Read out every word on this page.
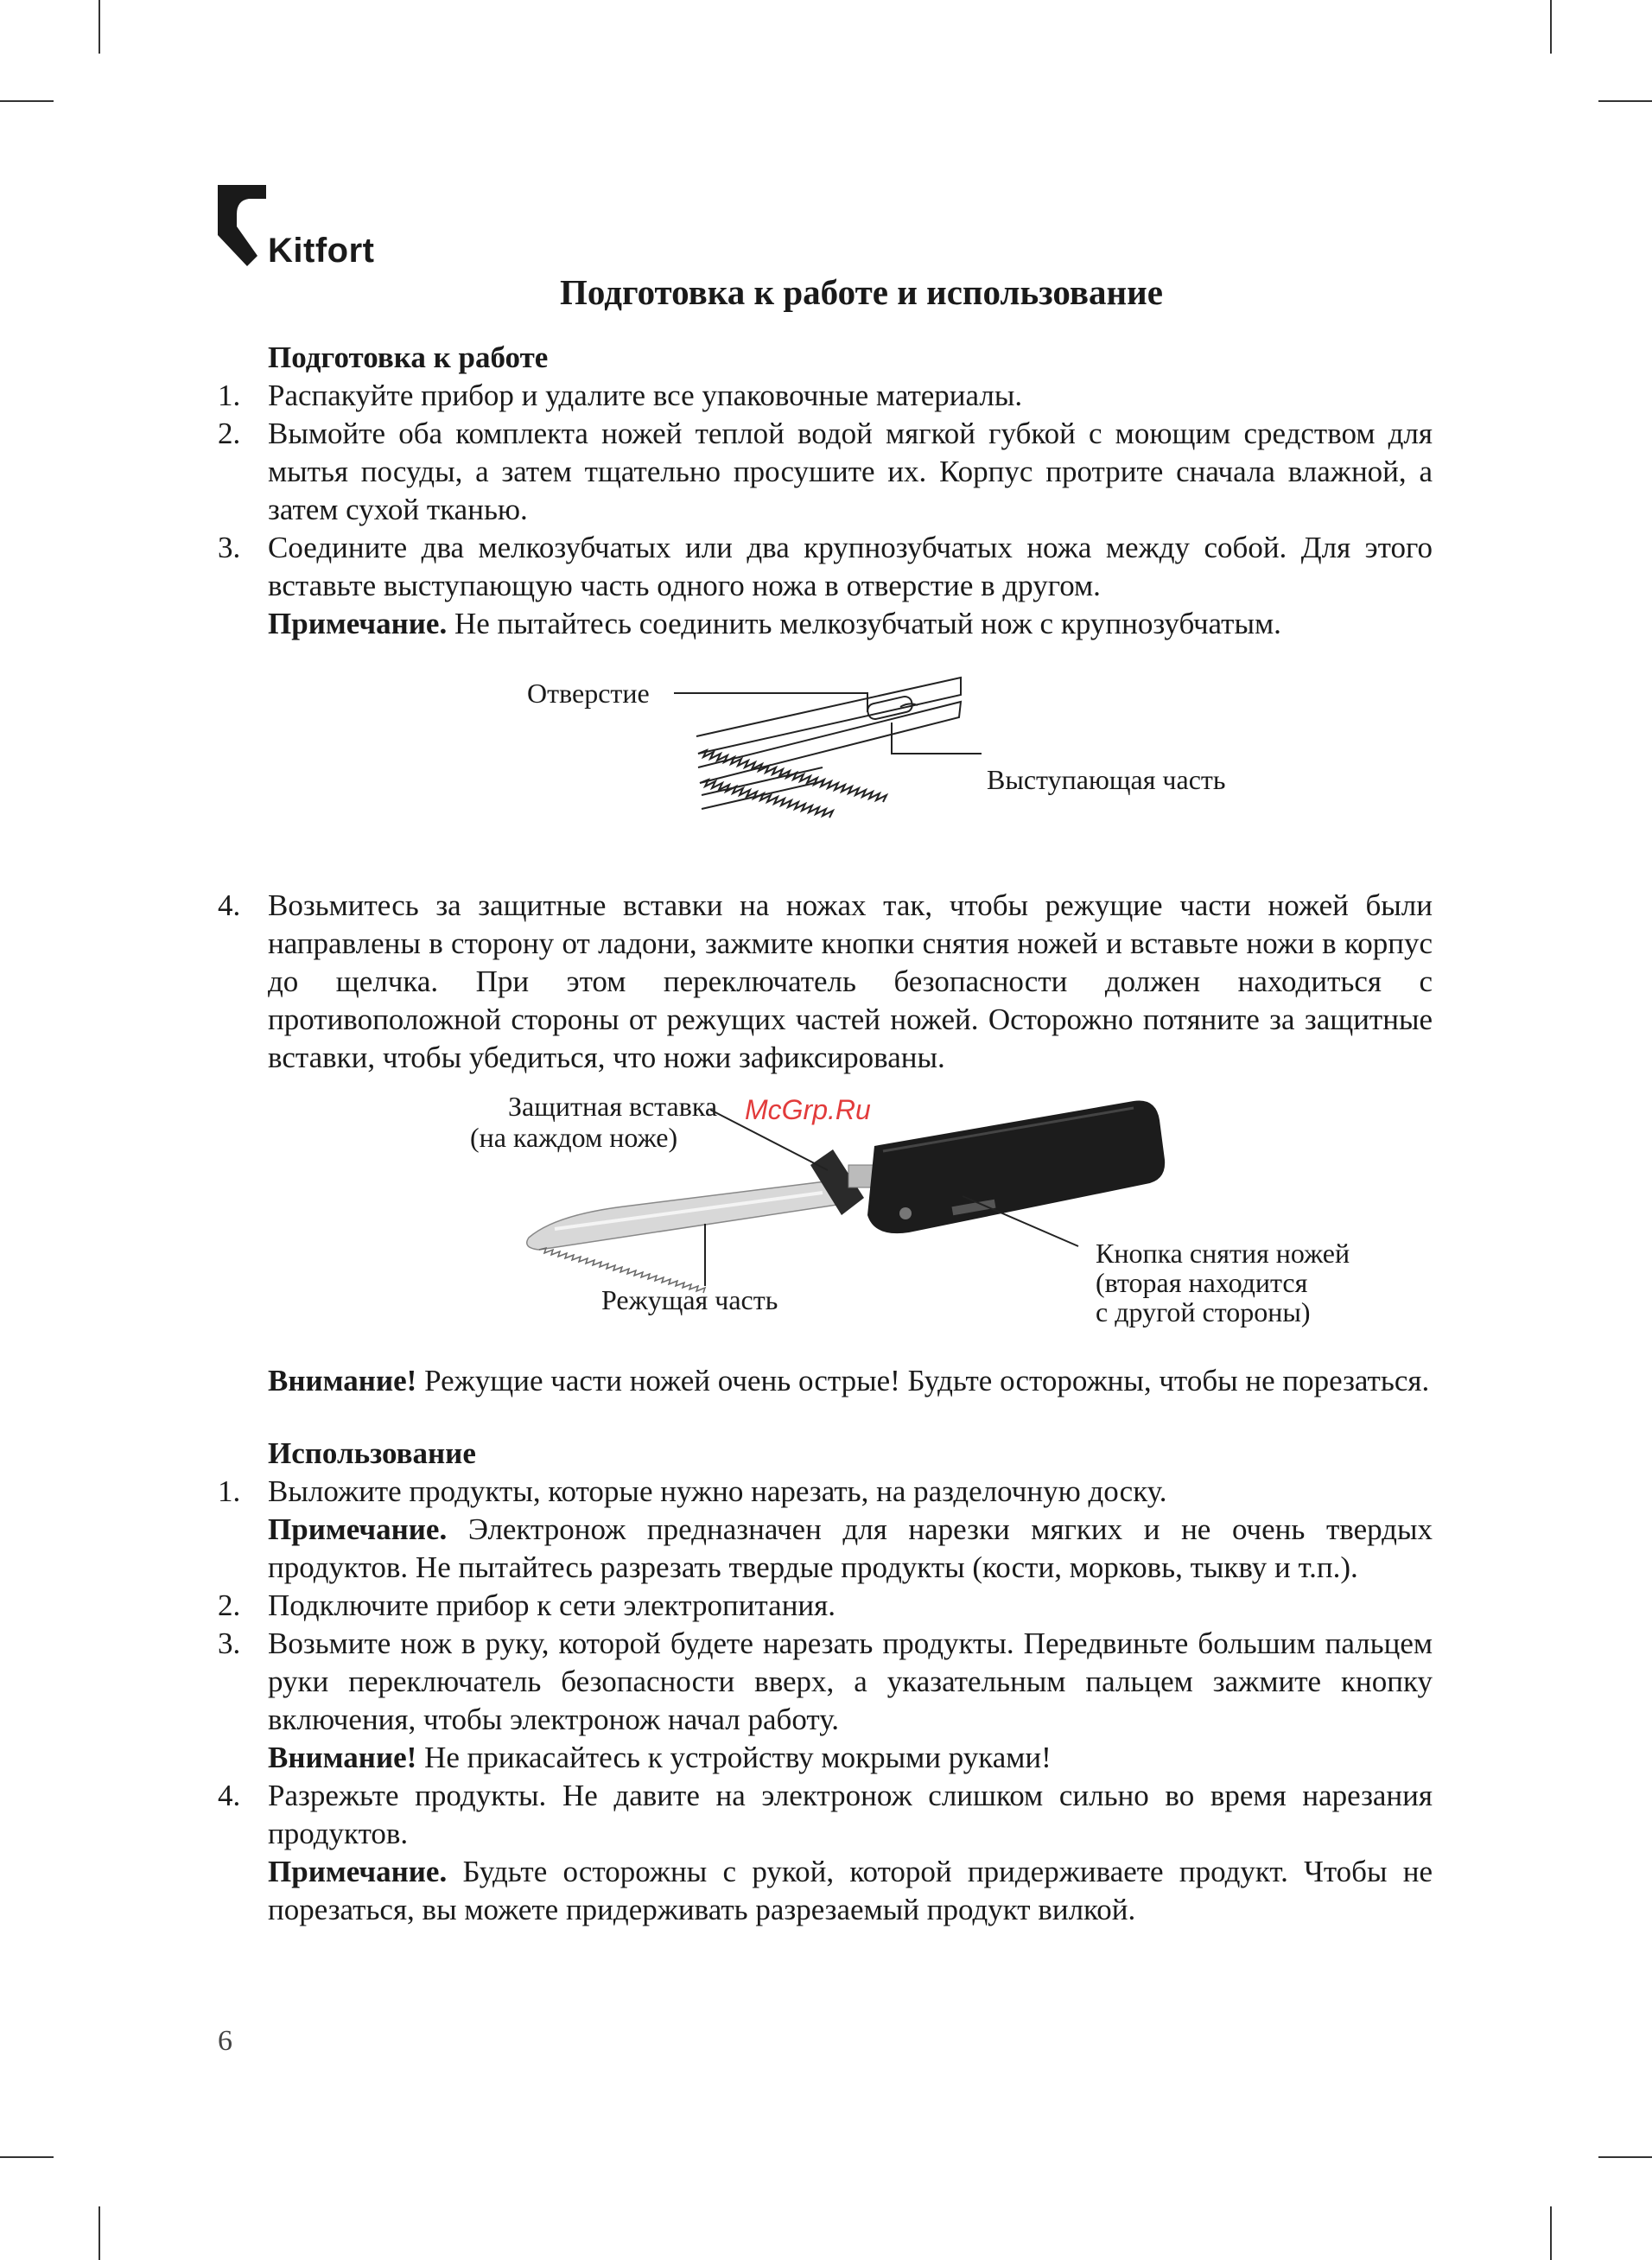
Kitfort
Подготовка к работе и использование
Подготовка к работе
1. Распакуйте прибор и удалите все упаковочные материалы.
2. Вымойте оба комплекта ножей теплой водой мягкой губкой с моющим средством для мытья посуды, а затем тщательно просушите их. Корпус протрите сначала влажной, а затем сухой тканью.
3. Соедините два мелкозубчатых или два крупнозубчатых ножа между собой. Для этого вставьте выступающую часть одного ножа в отверстие в другом.
Примечание. Не пытайтесь соединить мелкозубчатый нож с крупнозубчатым.
Отверстие
Выступающая часть
4. Возьмитесь за защитные вставки на ножах так, чтобы режущие части ножей были направлены в сторону от ладони, зажмите кнопки снятия ножей и вставьте ножи в корпус до щелчка. При этом переключатель безопасности должен находиться с противоположной стороны от режущих частей ножей. Осторожно потяните за защитные вставки, чтобы убедиться, что ножи зафиксированы.
Защитная вставка
(на каждом ноже)
Режущая часть
Кнопка снятия ножей
(вторая находится
с другой стороны)
McGrp.Ru

Внимание! Режущие части ножей очень острые! Будьте осторожны, чтобы не порезаться.

Использование
1. Выложите продукты, которые нужно нарезать, на разделочную доску.
Примечание. Электронож предназначен для нарезки мягких и не очень твердых продуктов. Не пытайтесь разрезать твердые продукты (кости, морковь, тыкву и т.п.).
2. Подключите прибор к сети электропитания.
3. Возьмите нож в руку, которой будете нарезать продукты. Передвиньте большим пальцем руки переключатель безопасности вверх, а указательным пальцем зажмите кнопку включения, чтобы электронож начал работу.
Внимание! Не прикасайтесь к устройству мокрыми руками!
4. Разрежьте продукты. Не давите на электронож слишком сильно во время нарезания продуктов.
Примечание. Будьте осторожны с рукой, которой придерживаете продукт. Чтобы не порезаться, вы можете придерживать разрезаемый продукт вилкой.
6
